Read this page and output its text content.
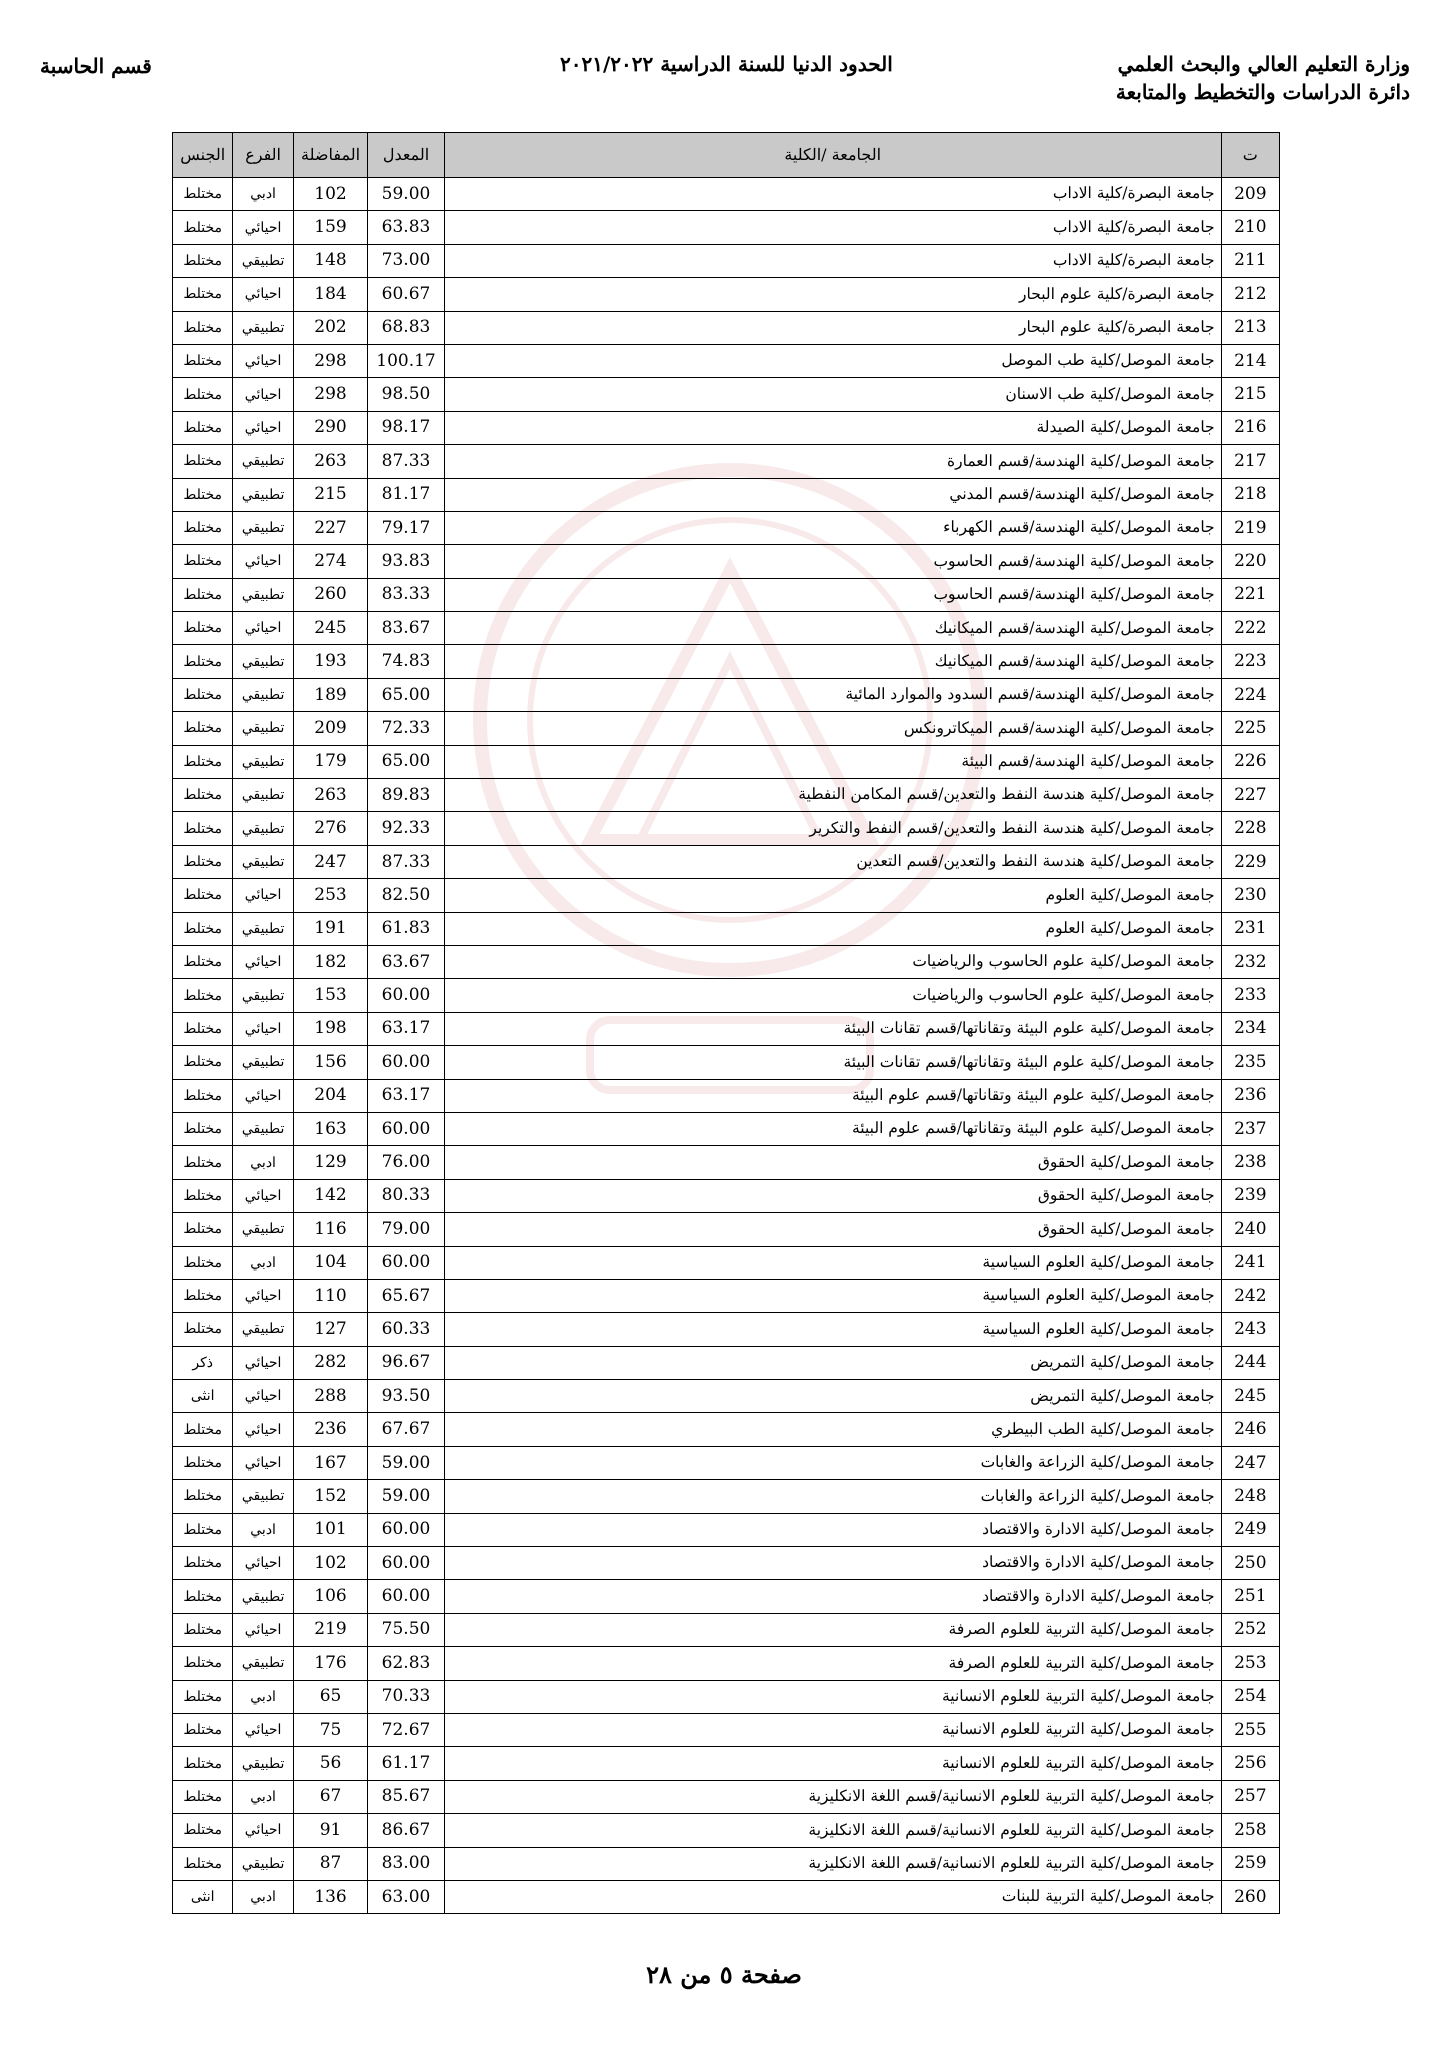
وزارة التعليم العالي والبحث العلمي
دائرة الدراسات والتخطيط والمتابعة
الحدود الدنيا للسنة الدراسية ٢٠٢١/٢٠٢٢
قسم الحاسبة
ت	الجامعة /الكلية	المعدل	المفاضلة	الفرع	الجنس
209	جامعة البصرة/كلية الاداب	59.00	102	ادبي	مختلط
210	جامعة البصرة/كلية الاداب	63.83	159	احيائي	مختلط
211	جامعة البصرة/كلية الاداب	73.00	148	تطبيقي	مختلط
212	جامعة البصرة/كلية علوم البحار	60.67	184	احيائي	مختلط
213	جامعة البصرة/كلية علوم البحار	68.83	202	تطبيقي	مختلط
214	جامعة الموصل/كلية طب الموصل	100.17	298	احيائي	مختلط
215	جامعة الموصل/كلية طب الاسنان	98.50	298	احيائي	مختلط
216	جامعة الموصل/كلية الصيدلة	98.17	290	احيائي	مختلط
217	جامعة الموصل/كلية الهندسة/قسم العمارة	87.33	263	تطبيقي	مختلط
218	جامعة الموصل/كلية الهندسة/قسم المدني	81.17	215	تطبيقي	مختلط
219	جامعة الموصل/كلية الهندسة/قسم الكهرباء	79.17	227	تطبيقي	مختلط
220	جامعة الموصل/كلية الهندسة/قسم الحاسوب	93.83	274	احيائي	مختلط
221	جامعة الموصل/كلية الهندسة/قسم الحاسوب	83.33	260	تطبيقي	مختلط
222	جامعة الموصل/كلية الهندسة/قسم الميكانيك	83.67	245	احيائي	مختلط
223	جامعة الموصل/كلية الهندسة/قسم الميكانيك	74.83	193	تطبيقي	مختلط
224	جامعة الموصل/كلية الهندسة/قسم السدود والموارد المائية	65.00	189	تطبيقي	مختلط
225	جامعة الموصل/كلية الهندسة/قسم الميكاترونكس	72.33	209	تطبيقي	مختلط
226	جامعة الموصل/كلية الهندسة/قسم البيئة	65.00	179	تطبيقي	مختلط
227	جامعة الموصل/كلية هندسة النفط والتعدين/قسم المكامن النفطية	89.83	263	تطبيقي	مختلط
228	جامعة الموصل/كلية هندسة النفط والتعدين/قسم النفط والتكرير	92.33	276	تطبيقي	مختلط
229	جامعة الموصل/كلية هندسة النفط والتعدين/قسم التعدين	87.33	247	تطبيقي	مختلط
230	جامعة الموصل/كلية العلوم	82.50	253	احيائي	مختلط
231	جامعة الموصل/كلية العلوم	61.83	191	تطبيقي	مختلط
232	جامعة الموصل/كلية علوم الحاسوب والرياضيات	63.67	182	احيائي	مختلط
233	جامعة الموصل/كلية علوم الحاسوب والرياضيات	60.00	153	تطبيقي	مختلط
234	جامعة الموصل/كلية علوم البيئة وتقاناتها/قسم تقانات البيئة	63.17	198	احيائي	مختلط
235	جامعة الموصل/كلية علوم البيئة وتقاناتها/قسم تقانات البيئة	60.00	156	تطبيقي	مختلط
236	جامعة الموصل/كلية علوم البيئة وتقاناتها/قسم علوم البيئة	63.17	204	احيائي	مختلط
237	جامعة الموصل/كلية علوم البيئة وتقاناتها/قسم علوم البيئة	60.00	163	تطبيقي	مختلط
238	جامعة الموصل/كلية الحقوق	76.00	129	ادبي	مختلط
239	جامعة الموصل/كلية الحقوق	80.33	142	احيائي	مختلط
240	جامعة الموصل/كلية الحقوق	79.00	116	تطبيقي	مختلط
241	جامعة الموصل/كلية العلوم السياسية	60.00	104	ادبي	مختلط
242	جامعة الموصل/كلية العلوم السياسية	65.67	110	احيائي	مختلط
243	جامعة الموصل/كلية العلوم السياسية	60.33	127	تطبيقي	مختلط
244	جامعة الموصل/كلية التمريض	96.67	282	احيائي	ذكر
245	جامعة الموصل/كلية التمريض	93.50	288	احيائي	انثى
246	جامعة الموصل/كلية الطب البيطري	67.67	236	احيائي	مختلط
247	جامعة الموصل/كلية الزراعة والغابات	59.00	167	احيائي	مختلط
248	جامعة الموصل/كلية الزراعة والغابات	59.00	152	تطبيقي	مختلط
249	جامعة الموصل/كلية الادارة والاقتصاد	60.00	101	ادبي	مختلط
250	جامعة الموصل/كلية الادارة والاقتصاد	60.00	102	احيائي	مختلط
251	جامعة الموصل/كلية الادارة والاقتصاد	60.00	106	تطبيقي	مختلط
252	جامعة الموصل/كلية التربية للعلوم الصرفة	75.50	219	احيائي	مختلط
253	جامعة الموصل/كلية التربية للعلوم الصرفة	62.83	176	تطبيقي	مختلط
254	جامعة الموصل/كلية التربية للعلوم الانسانية	70.33	65	ادبي	مختلط
255	جامعة الموصل/كلية التربية للعلوم الانسانية	72.67	75	احيائي	مختلط
256	جامعة الموصل/كلية التربية للعلوم الانسانية	61.17	56	تطبيقي	مختلط
257	جامعة الموصل/كلية التربية للعلوم الانسانية/قسم اللغة الانكليزية	85.67	67	ادبي	مختلط
258	جامعة الموصل/كلية التربية للعلوم الانسانية/قسم اللغة الانكليزية	86.67	91	احيائي	مختلط
259	جامعة الموصل/كلية التربية للعلوم الانسانية/قسم اللغة الانكليزية	83.00	87	تطبيقي	مختلط
260	جامعة الموصل/كلية التربية للبنات	63.00	136	ادبي	انثى
صفحة ٥ من ٢٨
